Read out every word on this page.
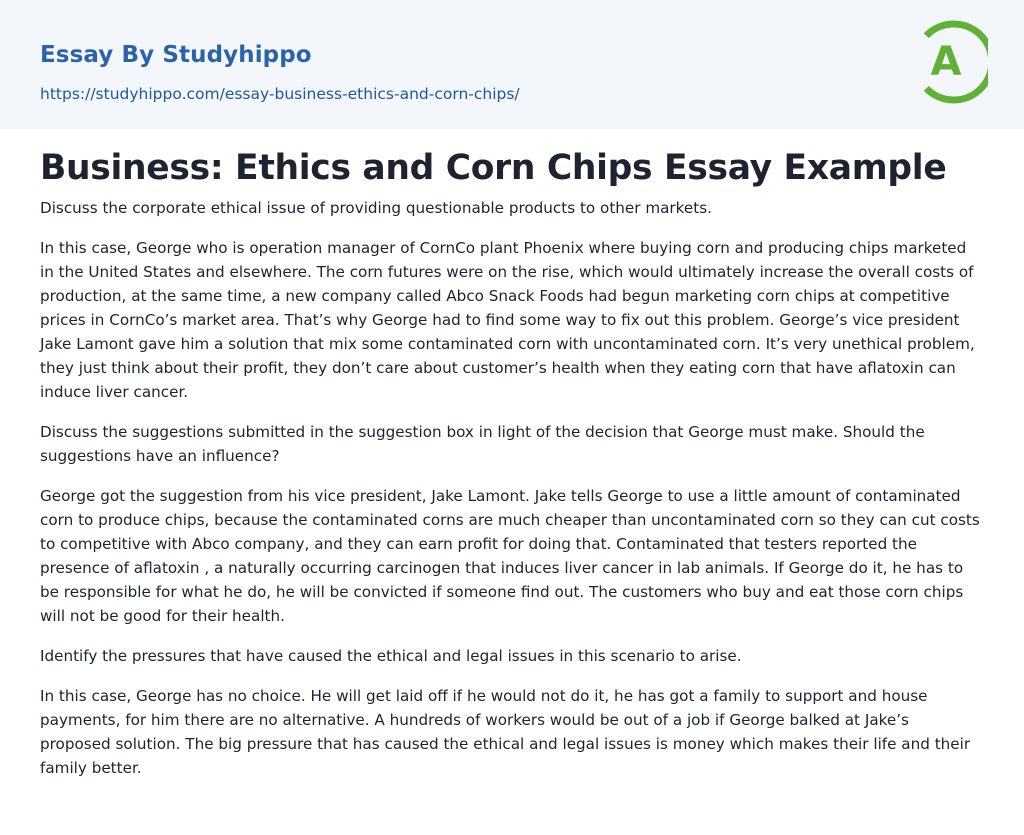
Essay By Studyhippo
https://studyhippo.com/essay-business-ethics-and-corn-chips/
A
Business: Ethics and Corn Chips Essay Example

Discuss the corporate ethical issue of providing questionable products to other markets.

In this case, George who is operation manager of CornCo plant Phoenix where buying corn and producing chips marketed in the United States and elsewhere. The corn futures were on the rise, which would ultimately increase the overall costs of production, at the same time, a new company called Abco Snack Foods had begun marketing corn chips at competitive prices in CornCo’s market area. That’s why George had to find some way to fix out this problem. George’s vice president Jake Lamont gave him a solution that mix some contaminated corn with uncontaminated corn. It’s very unethical problem, they just think about their profit, they don’t care about customer’s health when they eating corn that have aflatoxin can induce liver cancer.

Discuss the suggestions submitted in the suggestion box in light of the decision that George must make. Should the suggestions have an influence?

George got the suggestion from his vice president, Jake Lamont. Jake tells George to use a little amount of contaminated corn to produce chips, because the contaminated corns are much cheaper than uncontaminated corn so they can cut costs to competitive with Abco company, and they can earn profit for doing that. Contaminated that testers reported the presence of aflatoxin , a naturally occurring carcinogen that induces liver cancer in lab animals. If George do it, he has to be responsible for what he do, he will be convicted if someone find out. The customers who buy and eat those corn chips will not be good for their health.

Identify the pressures that have caused the ethical and legal issues in this scenario to arise.

In this case, George has no choice. He will get laid off if he would not do it, he has got a family to support and house payments, for him there are no alternative. A hundreds of workers would be out of a job if George balked at Jake’s proposed solution. The big pressure that has caused the ethical and legal issues is money which makes their life and their family better.
